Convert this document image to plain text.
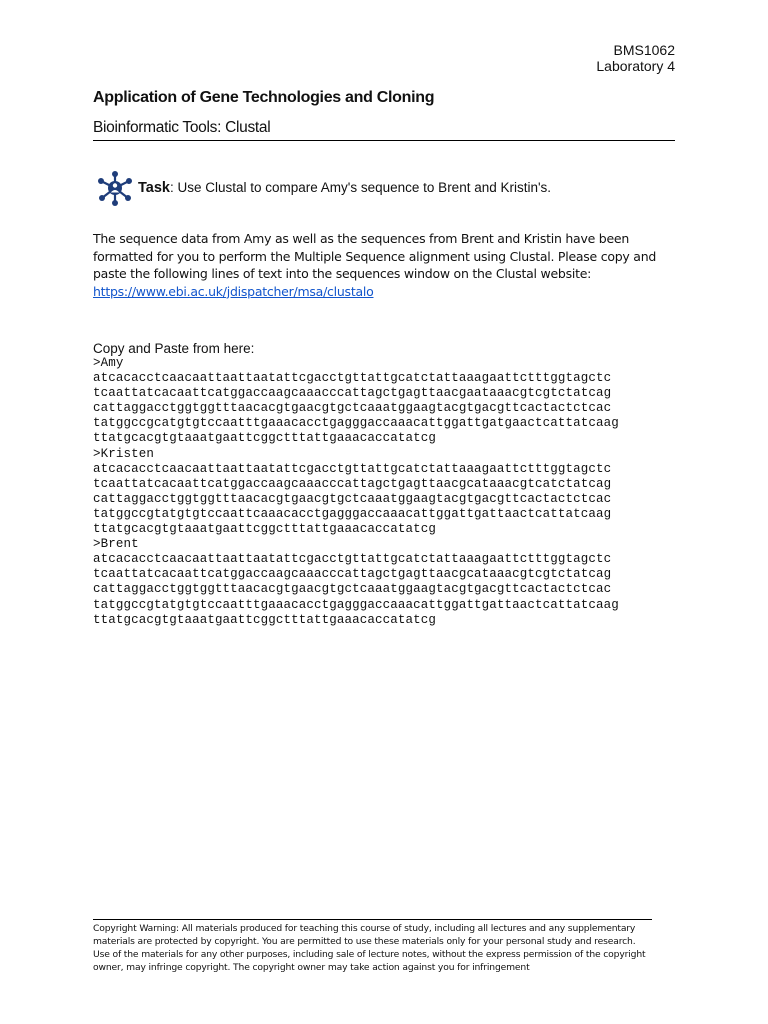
BMS1062
Laboratory 4
Application of Gene Technologies and Cloning
Bioinformatic Tools: Clustal
Task: Use Clustal to compare Amy's sequence to Brent and Kristin's.
The sequence data from Amy as well as the sequences from Brent and Kristin have been formatted for you to perform the Multiple Sequence alignment using Clustal. Please copy and paste the following lines of text into the sequences window on the Clustal website:
https://www.ebi.ac.uk/jdispatcher/msa/clustalo
Copy and Paste from here:
>Amy
atcacacctcaacaattaattaatattcgacctgttattgcatctattaaagaattctttggtagctc
tcaattatcacaattcatggaccaagcaaacccattagctgagttaacgaataaacgtcgtctatcag
cattaggacctggtggtttaacacgtgaacgtgctcaaatggaagtacgtgacgttcactactctcac
tatggccgcatgtgtccaatttgaaacacctgagggaccaaacattggattgatgaactcattatcaag
ttatgcacgtgtaaatgaattcggctttattgaaacaccatatcg
>Kristen
atcacacctcaacaattaattaatattcgacctgttattgcatctattaaagaattctttggtagctc
tcaattatcacaattcatggaccaagcaaacccattagctgagttaacgcataaacgtcatctatcag
cattaggacctggtggtttaacacgtgaacgtgctcaaatggaagtacgtgacgttcactactctcac
tatggccgtatgtgtccaattcaaacacctgagggaccaaacattggattgattaactcattatcaag
ttatgcacgtgtaaatgaattcggctttattgaaacaccatatcg
>Brent
atcacacctcaacaattaattaatattcgacctgttattgcatctattaaagaattctttggtagctc
tcaattatcacaattcatggaccaagcaaacccattagctgagttaacgcataaacgtcgtctatcag
cattaggacctggtggtttaacacgtgaacgtgctcaaatggaagtacgtgacgttcactactctcac
tatggccgtatgtgtccaatttgaaacacctgagggaccaaacattggattgattaactcattatcaag
ttatgcacgtgtaaatgaattcggctttattgaaacaccatatcg
Copyright Warning: All materials produced for teaching this course of study, including all lectures and any supplementary materials are protected by copyright. You are permitted to use these materials only for your personal study and research. Use of the materials for any other purposes, including sale of lecture notes, without the express permission of the copyright owner, may infringe copyright. The copyright owner may take action against you for infringement
